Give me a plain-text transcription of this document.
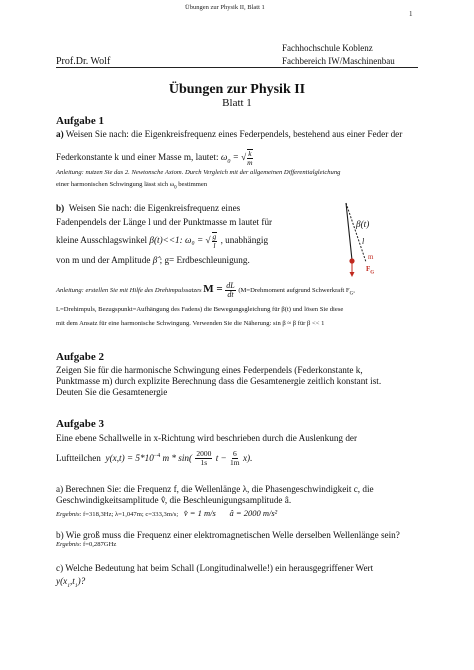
Übungen zur Physik II, Blatt 1
1
Fachhochschule Koblenz
Prof.Dr. Wolf	Fachbereich IW/Maschinenbau
Übungen zur Physik II
Blatt 1
Aufgabe 1
a) Weisen Sie nach: die Eigenkreisfrequenz eines Federpendels, bestehend aus einer Feder der
Federkonstante k und einer Masse m, lautet: $\omega_0$ = √ $\frac{k}{m}$
Anleitung: nutzen Sie das 2. Newtonsche Axiom. Durch Vergleich mit der allgemeinen Differentialgleichung
einer harmonischen Schwingung lässt sich $\omega_0$ bestimmen
b) Weisen Sie nach: die Eigenkreisfrequenz eines
Fadenpendels der Länge l und der Punktmasse m lautet für
kleine Ausschlagswinkel β(t)<<1: ω₀ = √ $\frac{g}{l}$ , unabhängig
von m und der Amplitude β̂ ; g= Erdbeschleunigung.
β(t)
l
m
$F_G$
Anleitung: erstellen Sie mit Hilfe des Drehimpulssatzes $M = \frac{dL}{dt}$ (M=Drehmoment aufgrund Schwerkraft $F_G$,
L=Drehimpuls, Bezugspunkt=Aufhängung des Fadens) die Bewegungsgleichung für β(t) und lösen Sie diese
mit dem Ansatz für eine harmonische Schwingung. Verwenden Sie die Näherung: sin β ≈ β für β << 1
Aufgabe 2
Zeigen Sie für die harmonische Schwingung eines Federpendels (Federkonstante k,
Punktmasse m) durch explizite Berechnung dass die Gesamtenergie zeitlich konstant ist.
Deuten Sie die Gesamtenergie
Aufgabe 3
Eine ebene Schallwelle in x-Richtung wird beschrieben durch die Auslenkung der
Luftteilchen $y(x,t) = 5*10^{-4}$ m * $\sin( \frac{2000}{1s}$ $t - \frac{6}{1m} x$).
a) Berechnen Sie: die Frequenz f, die Wellenlänge λ, die Phasengeschwindigkeit c, die
Geschwindigkeitsamplitude v̂, die Beschleunigungsamplitude â.
Ergebnis: f=318,3Hz; λ=1,047m; c=333,3m/s; v̂ = 1 m/s â = 2000 m/s²
b) Wie groß muss die Frequenz einer elektromagnetischen Welle derselben Wellenlänge sein?
Ergebnis: f=0,287GHz
c) Welche Bedeutung hat beim Schall (Longitudinalwelle!) ein herausgegriffener Wert
$y(x_1,t_1)$?
